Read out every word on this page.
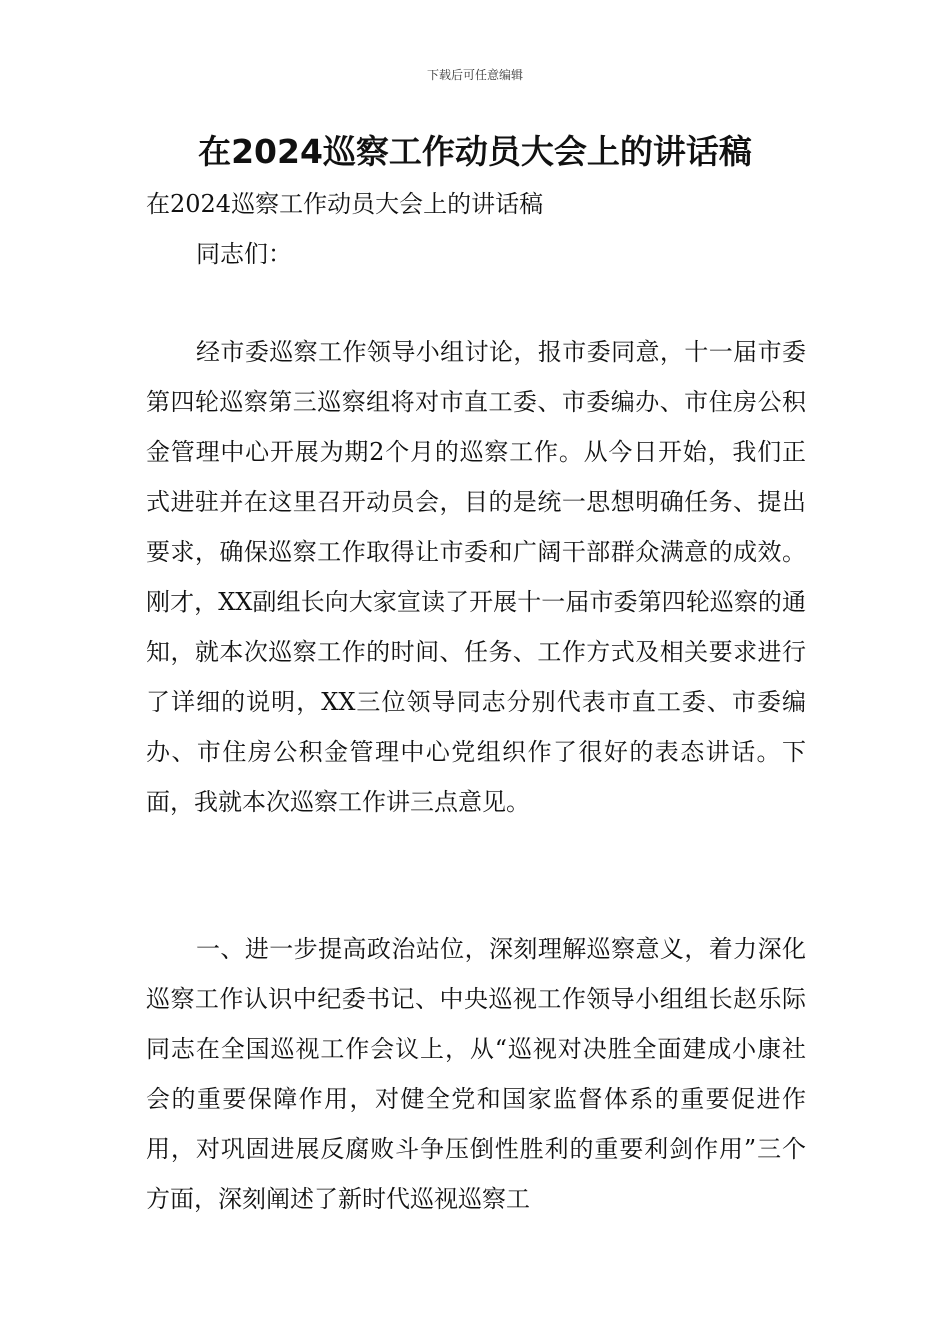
下载后可任意编辑
在2024巡察工作动员大会上的讲话稿
在2024巡察工作动员大会上的讲话稿
同志们：

经市委巡察工作领导小组讨论，报市委同意，十一届市委第四轮巡察第三巡察组将对市直工委、市委编办、市住房公积金管理中心开展为期2个月的巡察工作。从今日开始，我们正式进驻并在这里召开动员会，目的是统一思想明确任务、提出要求，确保巡察工作取得让市委和广阔干部群众满意的成效。刚才，XX副组长向大家宣读了开展十一届市委第四轮巡察的通知，就本次巡察工作的时间、任务、工作方式及相关要求进行了详细的说明，XX三位领导同志分别代表市直工委、市委编办、市住房公积金管理中心党组织作了很好的表态讲话。下面，我就本次巡察工作讲三点意见。

一、进一步提高政治站位，深刻理解巡察意义，着力深化巡察工作认识中纪委书记、中央巡视工作领导小组组长赵乐际同志在全国巡视工作会议上，从“巡视对决胜全面建成小康社会的重要保障作用，对健全党和国家监督体系的重要促进作用，对巩固进展反腐败斗争压倒性胜利的重要利剑作用”三个方面，深刻阐述了新时代巡视巡察工
